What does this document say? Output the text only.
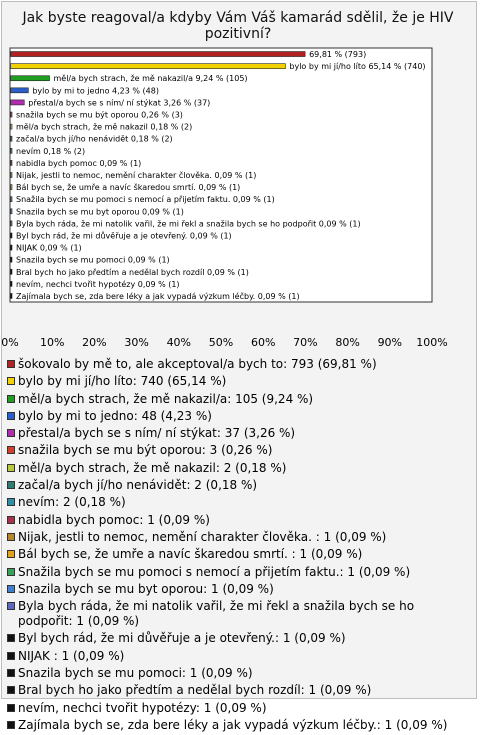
Jak byste reagoval/a kdyby Vám Váš kamarád sdělil, že je HIV pozitivní?
69,81 % (793)
bylo by mi jí/ho líto 65,14 % (740)
měl/a bych strach, že mě nakazil/a 9,24 % (105)
bylo by mi to jedno 4,23 % (48)
přestal/a bych se s ním/ ní stýkat 3,26 % (37)
snažila bych se mu být oporou 0,26 % (3)
měl/a bych strach, že mě nakazil 0,18 % (2)
začal/a bych jí/ho nenávidět 0,18 % (2)
nevím 0,18 % (2)
nabidla bych pomoc 0,09 % (1)
Nijak, jestli to nemoc, nemění charakter člověka. 0,09 % (1)
Bál bych se, že umře a navíc škaredou smrtí. 0,09 % (1)
Snažila bych se mu pomoci s nemocí a přijetím faktu. 0,09 % (1)
Snazila bych se mu byt oporou 0,09 % (1)
Byla bych ráda, že mi natolik vařil, že mi řekl a snažila bych se ho podpořit 0,09 % (1)
Byl bych rád, že mi důvěřuje a je otevřený. 0,09 % (1)
NIJAK 0,09 % (1)
Snazila bych se mu pomoci 0,09 % (1)
Bral bych ho jako předtím a nedělal bych rozdíl 0,09 % (1)
nevím, nechci tvořit hypotézy 0,09 % (1)
Zajímala bych se, zda bere léky a jak vypadá výzkum léčby. 0,09 % (1)
0% 10% 20% 30% 40% 50% 60% 70% 80% 90% 100%
šokovalo by mě to, ale akceptoval/a bych to: 793 (69,81 %)
bylo by mi jí/ho líto: 740 (65,14 %)
měl/a bych strach, že mě nakazil/a: 105 (9,24 %)
bylo by mi to jedno: 48 (4,23 %)
přestal/a bych se s ním/ ní stýkat: 37 (3,26 %)
snažila bych se mu být oporou: 3 (0,26 %)
měl/a bych strach, že mě nakazil: 2 (0,18 %)
začal/a bych jí/ho nenávidět: 2 (0,18 %)
nevím: 2 (0,18 %)
nabidla bych pomoc: 1 (0,09 %)
Nijak, jestli to nemoc, nemění charakter člověka. : 1 (0,09 %)
Bál bych se, že umře a navíc škaredou smrtí. : 1 (0,09 %)
Snažila bych se mu pomoci s nemocí a přijetím faktu.: 1 (0,09 %)
Snazila bych se mu byt oporou: 1 (0,09 %)
Byla bych ráda, že mi natolik vařil, že mi řekl a snažila bych se ho podpořit: 1 (0,09 %)
Byl bych rád, že mi důvěřuje a je otevřený.: 1 (0,09 %)
NIJAK : 1 (0,09 %)
Snazila bych se mu pomoci: 1 (0,09 %)
Bral bych ho jako předtím a nedělal bych rozdíl: 1 (0,09 %)
nevím, nechci tvořit hypotézy: 1 (0,09 %)
Zajímala bych se, zda bere léky a jak vypadá výzkum léčby.: 1 (0,09 %)
